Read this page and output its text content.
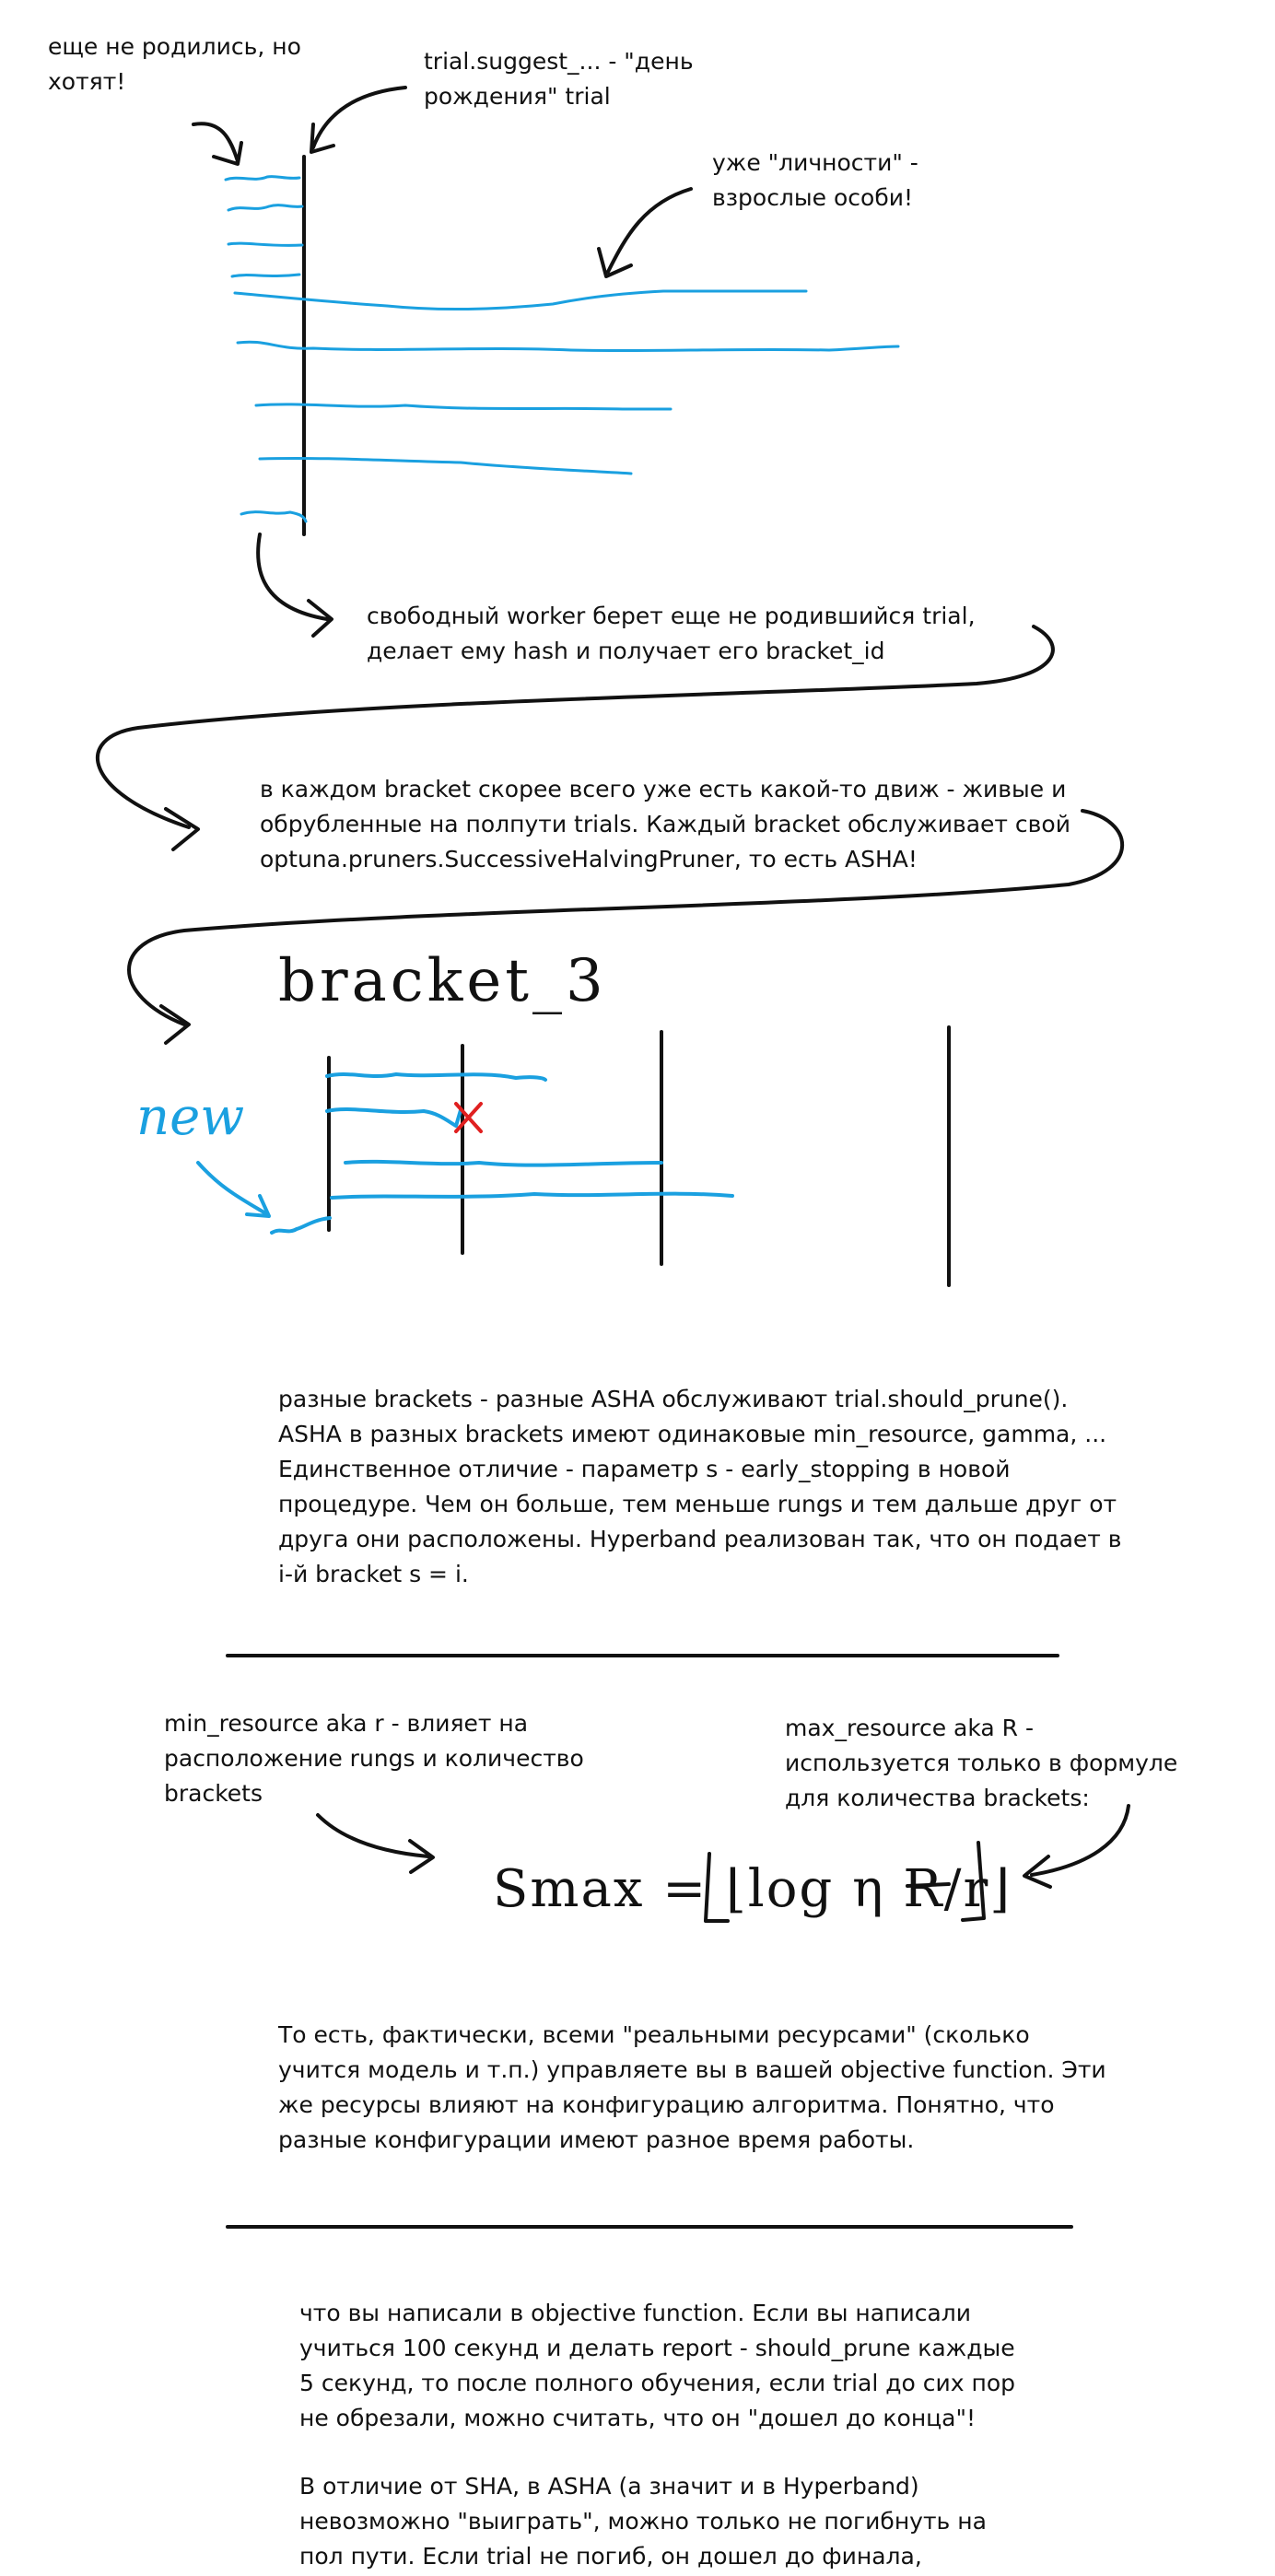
еще не родились, но хотят!
trial.suggest_... - "день рождения" trial
уже "личности" - взрослые особи!
свободный worker берет еще не родившийся trial, делает ему hash и получает его bracket_id
в каждом bracket скорее всего уже есть какой-то движ - живые и обрубленные на полпути trials. Каждый bracket обслуживает свой optuna.pruners.SuccessiveHalvingPruner, то есть ASHA!
bracket_3
new
разные brackets - разные ASHA обслуживают trial.should_prune(). ASHA в разных brackets имеют одинаковые min_resource, gamma, ... Единственное отличие - параметр s - early_stopping в новой процедуре. Чем он больше, тем меньше rungs и тем дальше друг от друга они расположены. Hyperband реализован так, что он подает в i-й bracket s = i.
min_resource aka r - влияет на расположение rungs и количество brackets
max_resource aka R - используется только в формуле для количества brackets:
Smax = ⌊log η R/r⌋
То есть, фактически, всеми "реальными ресурсами" (сколько учится модель и т.п.) управляете вы в вашей objective function. Эти же ресурсы влияют на конфигурацию алгоритма. Понятно, что разные конфигурации имеют разное время работы.
что вы написали в objective function. Если вы написали учиться 100 секунд и делать report - should_prune каждые 5 секунд, то после полного обучения, если trial до сих пор не обрезали, можно считать, что он "дошел до конца"!
В отличие от SHA, в ASHA (а значит и в Hyperband) невозможно "выиграть", можно только не погибнуть на пол пути. Если trial не погиб, он дошел до финала,
